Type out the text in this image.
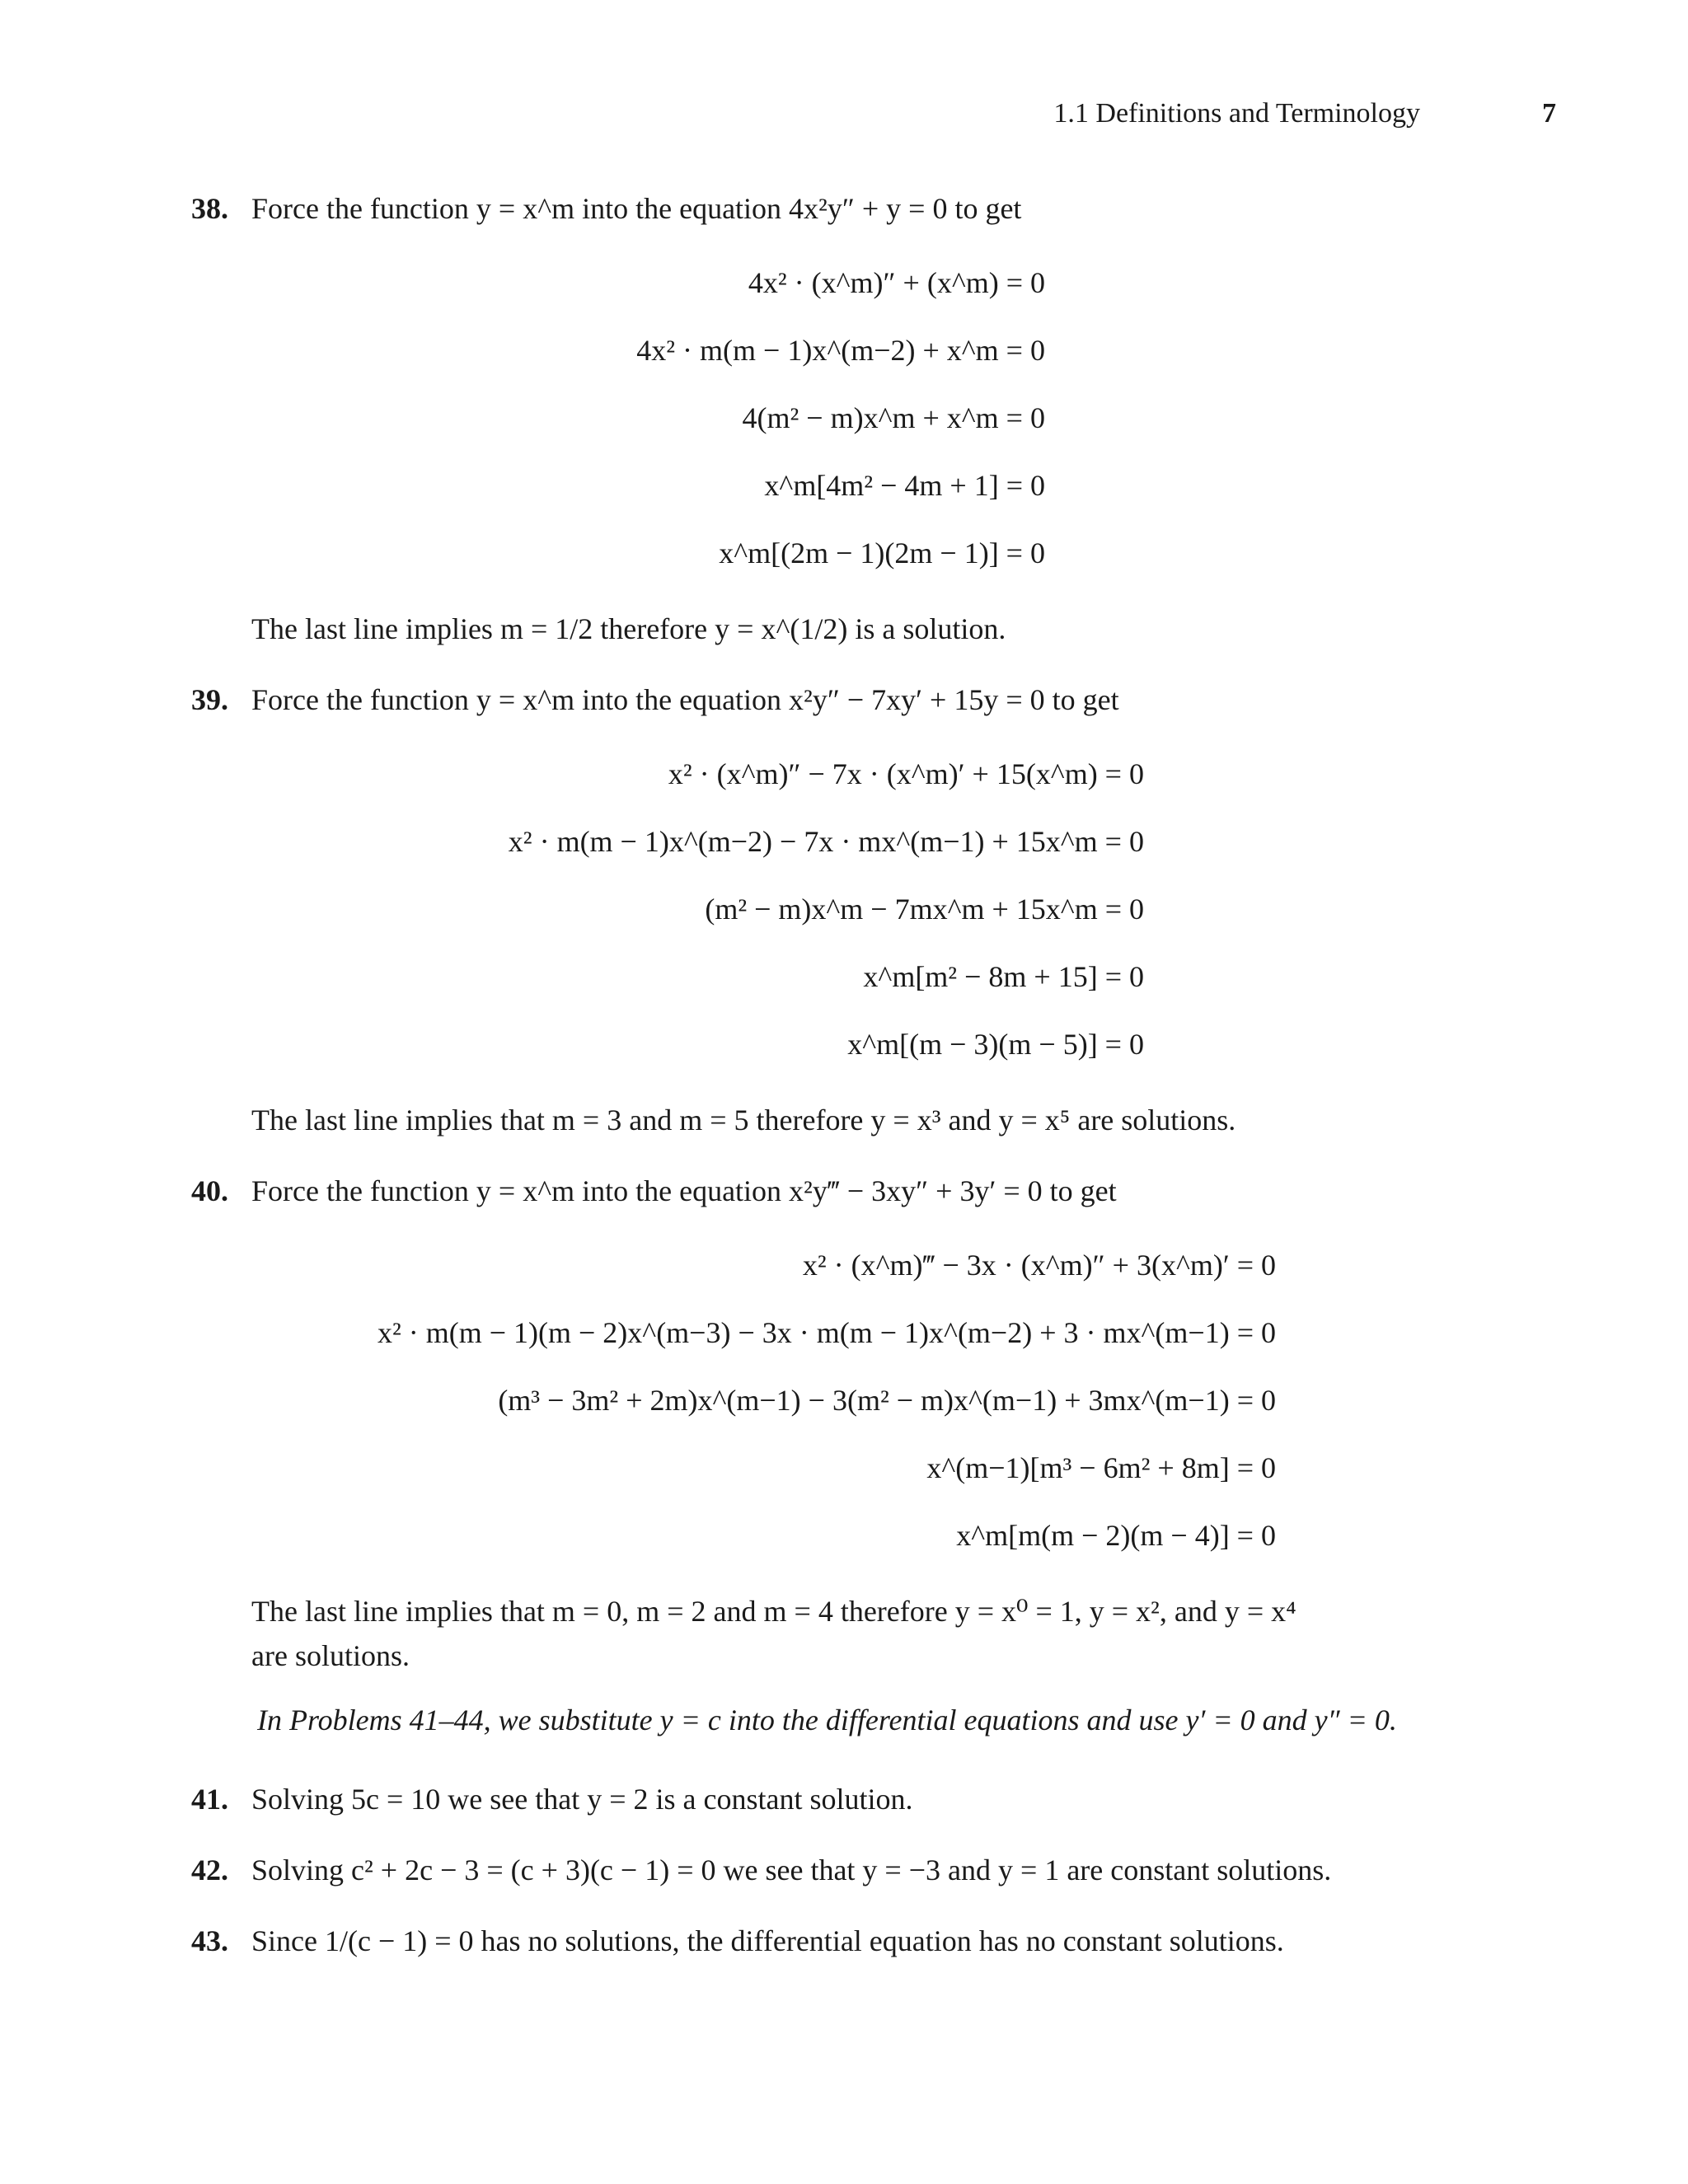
1.1 Definitions and Terminology	7
38. Force the function y = x^m into the equation 4x²y″ + y = 0 to get
4x² · (x^m)″ + (x^m) = 0
4x² · m(m − 1)x^(m−2) + x^m = 0
4(m² − m)x^m + x^m = 0
x^m[4m² − 4m + 1] = 0
x^m[(2m − 1)(2m − 1)] = 0
The last line implies m = 1/2 therefore y = x^(1/2) is a solution.
39. Force the function y = x^m into the equation x²y″ − 7xy′ + 15y = 0 to get
x² · (x^m)″ − 7x · (x^m)′ + 15(x^m) = 0
x² · m(m − 1)x^(m−2) − 7x · mx^(m−1) + 15x^m = 0
(m² − m)x^m − 7mx^m + 15x^m = 0
x^m[m² − 8m + 15] = 0
x^m[(m − 3)(m − 5)] = 0
The last line implies that m = 3 and m = 5 therefore y = x³ and y = x⁵ are solutions.
40. Force the function y = x^m into the equation x²y‴ − 3xy″ + 3y′ = 0 to get
x² · (x^m)‴ − 3x · (x^m)″ + 3(x^m)′ = 0
x² · m(m − 1)(m − 2)x^(m−3) − 3x · m(m − 1)x^(m−2) + 3 · mx^(m−1) = 0
(m³ − 3m² + 2m)x^(m−1) − 3(m² − m)x^(m−1) + 3mx^(m−1) = 0
x^(m−1)[m³ − 6m² + 8m] = 0
x^m[m(m − 2)(m − 4)] = 0
The last line implies that m = 0, m = 2 and m = 4 therefore y = x⁰ = 1, y = x², and y = x⁴
are solutions.
In Problems 41–44, we substitute y = c into the differential equations and use y′ = 0 and y″ = 0.
41. Solving 5c = 10 we see that y = 2 is a constant solution.
42. Solving c² + 2c − 3 = (c + 3)(c − 1) = 0 we see that y = −3 and y = 1 are constant solutions.
43. Since 1/(c − 1) = 0 has no solutions, the differential equation has no constant solutions.
